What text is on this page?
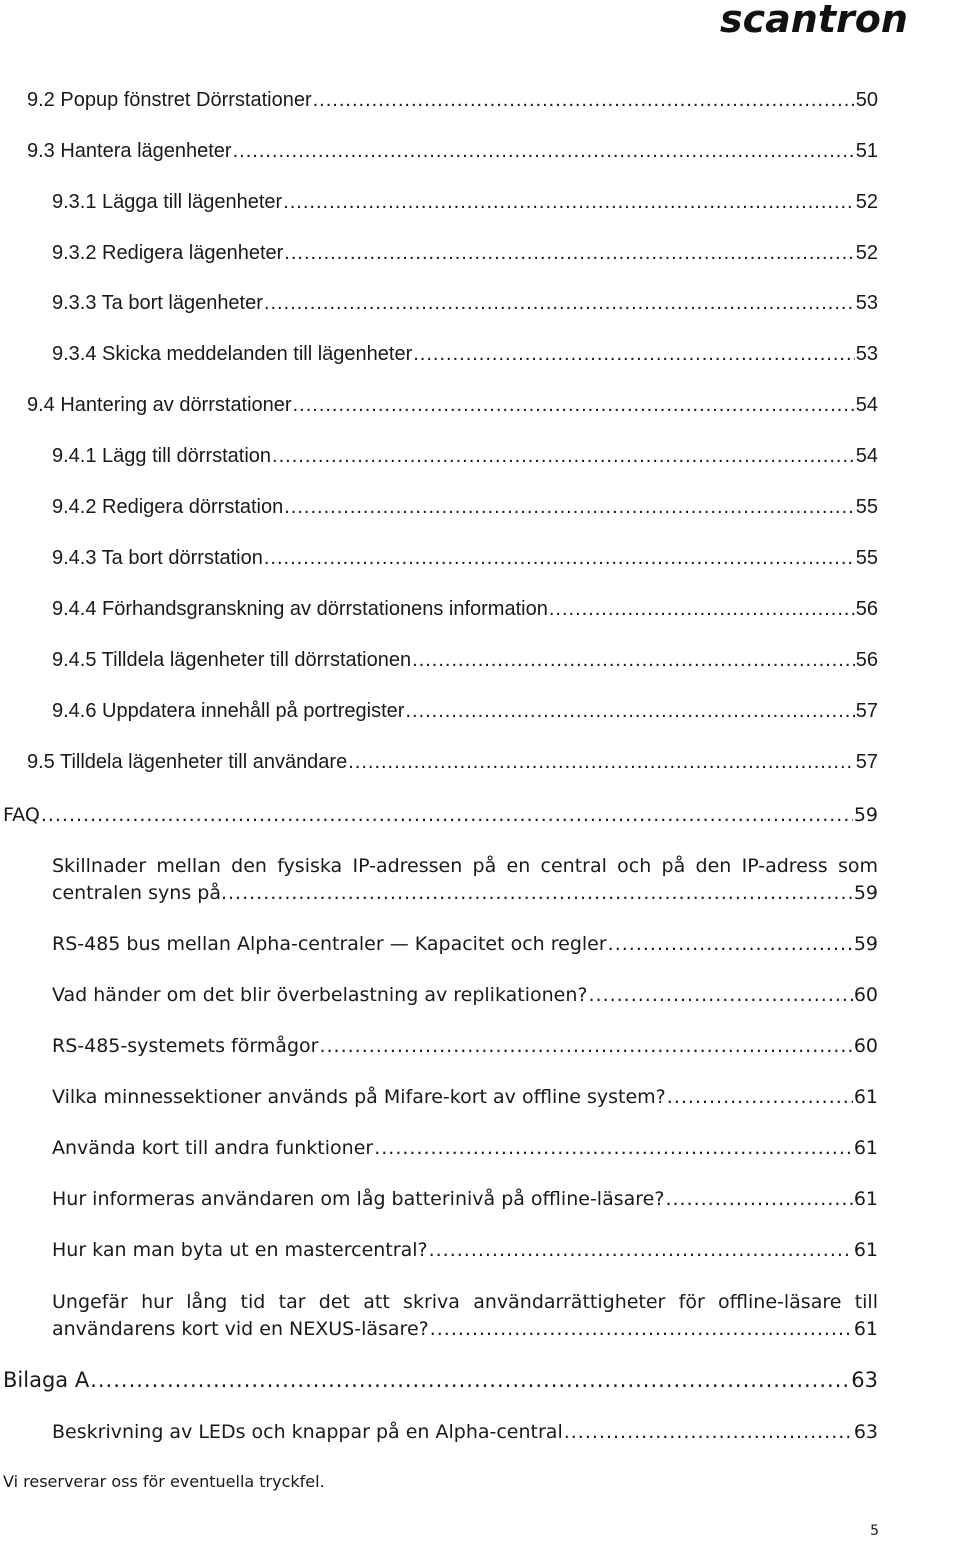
scantron
9.2 Popup fönstret Dörrstationer .....	50
9.3 Hantera lägenheter .....	51
9.3.1 Lägga till lägenheter .....	52
9.3.2 Redigera lägenheter .....	52
9.3.3 Ta bort lägenheter .....	53
9.3.4 Skicka meddelanden till lägenheter .....	53
9.4 Hantering av dörrstationer .....	54
9.4.1 Lägg till dörrstation .....	54
9.4.2 Redigera dörrstation .....	55
9.4.3 Ta bort dörrstation .....	55
9.4.4 Förhandsgranskning av dörrstationens information .....	56
9.4.5 Tilldela lägenheter till dörrstationen .....	56
9.4.6 Uppdatera innehåll på portregister .....	57
9.5 Tilldela lägenheter till användare .....	57
FAQ .....	59
Skillnader mellan den fysiska IP-adressen på en central och på den IP-adress som
centralen syns på. .....	59
RS-485 bus mellan Alpha-centraler — Kapacitet och regler .....	59
Vad händer om det blir överbelastning av replikationen? .....	60
RS-485-systemets förmågor .....	60
Vilka minnessektioner används på Mifare-kort av offline system? .....	61
Använda kort till andra funktioner .....	61
Hur informeras användaren om låg batterinivå på offline-läsare? .....	61
Hur kan man byta ut en mastercentral? .....	61
Ungefär hur lång tid tar det att skriva användarrättigheter för offline-läsare till
användarens kort vid en NEXUS-läsare? .....	61
Bilaga A .....	63
Beskrivning av LEDs och knappar på en Alpha-central .....	63
Vi reserverar oss för eventuella tryckfel.
5
